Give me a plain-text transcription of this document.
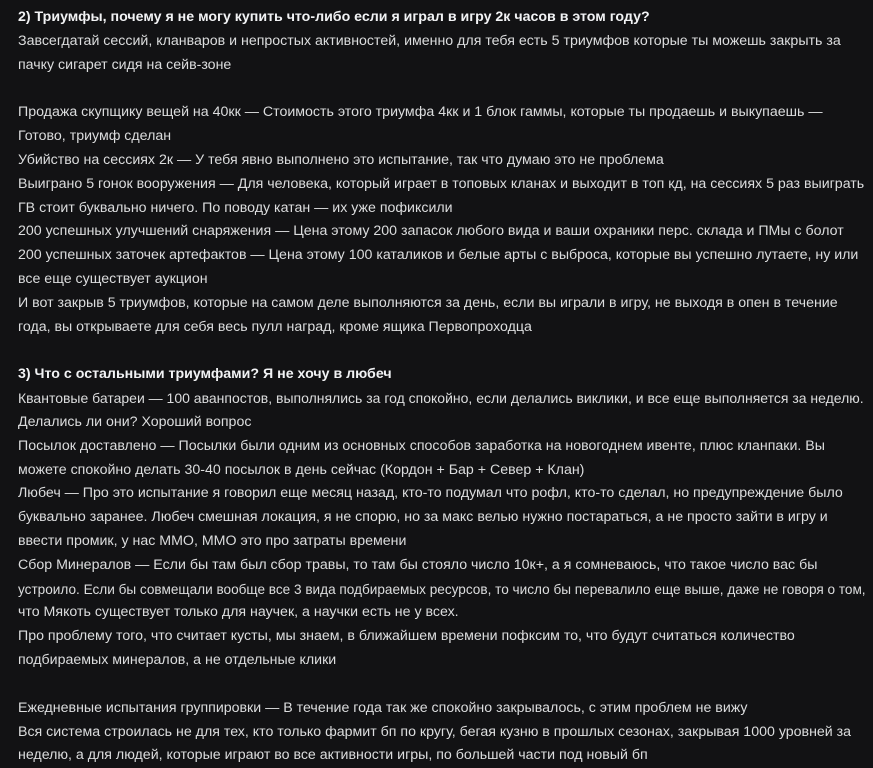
2) Триумфы, почему я не могу купить что-либо если я играл в игру 2к часов в этом году?
Завсегдатай сессий, кланваров и непростых активностей, именно для тебя есть 5 триумфов которые ты можешь закрыть за
пачку сигарет сидя на сейв-зоне
Продажа скупщику вещей на 40кк — Стоимость этого триумфа 4кк и 1 блок гаммы, которые ты продаешь и выкупаешь —
Готово, триумф сделан
Убийство на сессиях 2к — У тебя явно выполнено это испытание, так что думаю это не проблема
Выиграно 5 гонок вооружения — Для человека, который играет в топовых кланах и выходит в топ кд, на сессиях 5 раз выиграть
ГВ стоит буквально ничего. По поводу катан — их уже пофиксили
200 успешных улучшений снаряжения — Цена этому 200 запасок любого вида и ваши охраники перс. склада и ПМы с болот
200 успешных заточек артефактов — Цена этому 100 каталиков и белые арты с выброса, которые вы успешно лутаете, ну или
все еще существует аукцион
И вот закрыв 5 триумфов, которые на самом деле выполняются за день, если вы играли в игру, не выходя в опен в течение
года, вы открываете для себя весь пулл наград, кроме ящика Первопроходца
3) Что с остальными триумфами? Я не хочу в любеч
Квантовые батареи — 100 аванпостов, выполнялись за год спокойно, если делались виклики, и все еще выполняется за неделю.
Делались ли они? Хороший вопрос
Посылок доставлено — Посылки были одним из основных способов заработка на новогоднем ивенте, плюс кланпаки. Вы
можете спокойно делать 30-40 посылок в день сейчас (Кордон + Бар + Север + Клан)
Любеч — Про это испытание я говорил еще месяц назад, кто-то подумал что рофл, кто-то сделал, но предупреждение было
буквально заранее. Любеч смешная локация, я не спорю, но за макс велью нужно постараться, а не просто зайти в игру и
ввести промик, у нас ММО, ММО это про затраты времени
Сбор Минералов — Если бы там был сбор травы, то там бы стояло число 10к+, а я сомневаюсь, что такое число вас бы
устроило. Если бы совмещали вообще все 3 вида подбираемых ресурсов, то число бы перевалило еще выше, даже не говоря о том,
что Мякоть существует только для научек, а научки есть не у всех.
Про проблему того, что считает кусты, мы знаем, в ближайшем времени пофксим то, что будут считаться количество
подбираемых минералов, а не отдельные клики
Ежедневные испытания группировки — В течение года так же спокойно закрывалось, с этим проблем не вижу
Вся система строилась не для тех, кто только фармит бп по кругу, бегая кузню в прошлых сезонах, закрывая 1000 уровней за
неделю, а для людей, которые играют во все активности игры, по большей части под новый бп
